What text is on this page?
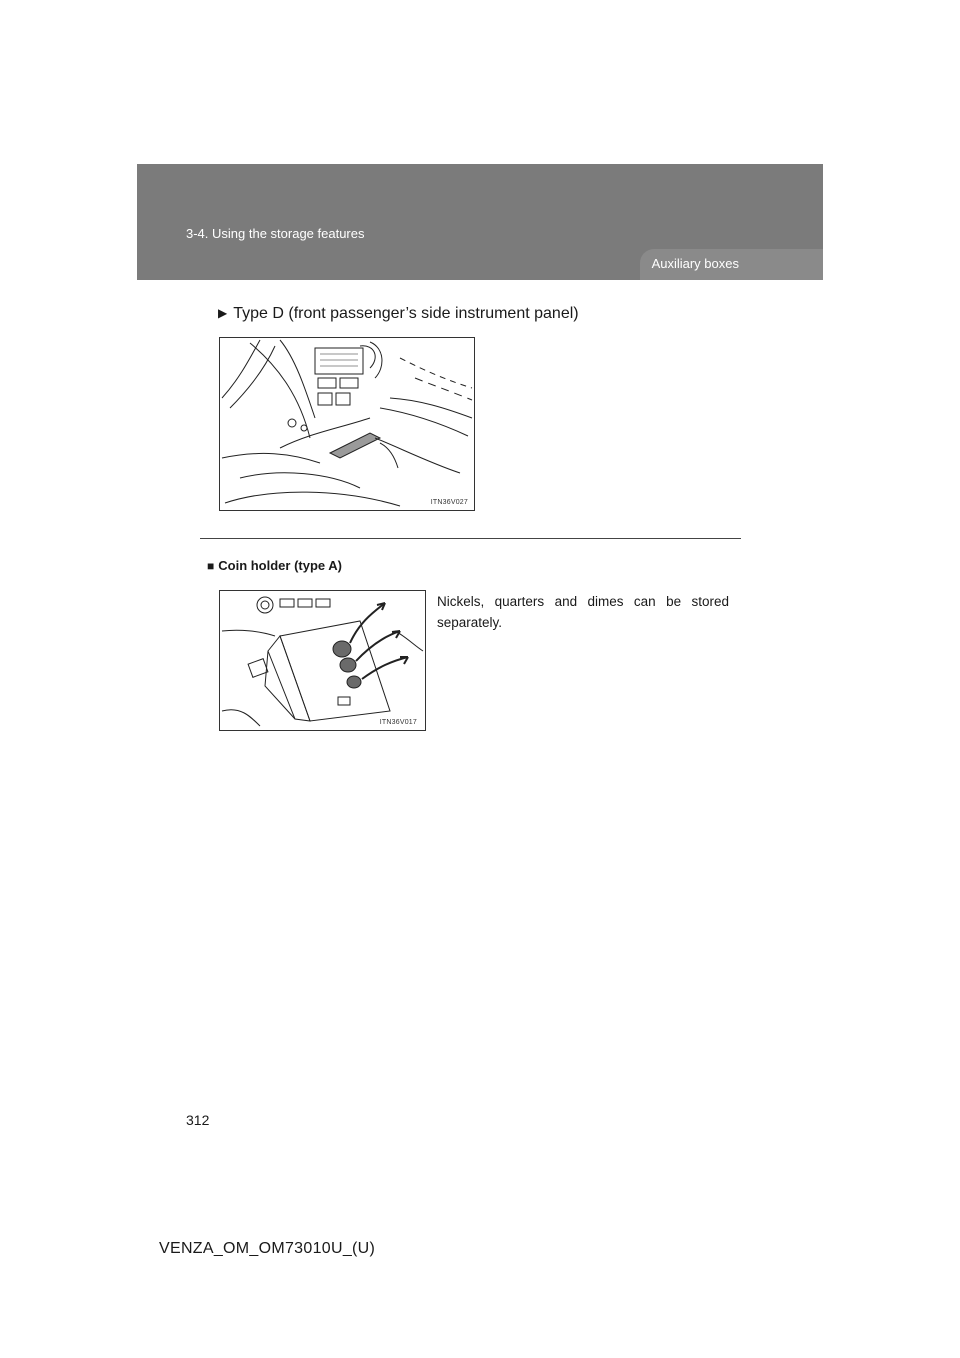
3-4. Using the storage features
Auxiliary boxes
▶ Type D (front passenger’s side instrument panel)
ITN36V027
■ Coin holder (type A)
ITN36V017
Nickels, quarters and dimes can be stored separately.
312
VENZA_OM_OM73010U_(U)
